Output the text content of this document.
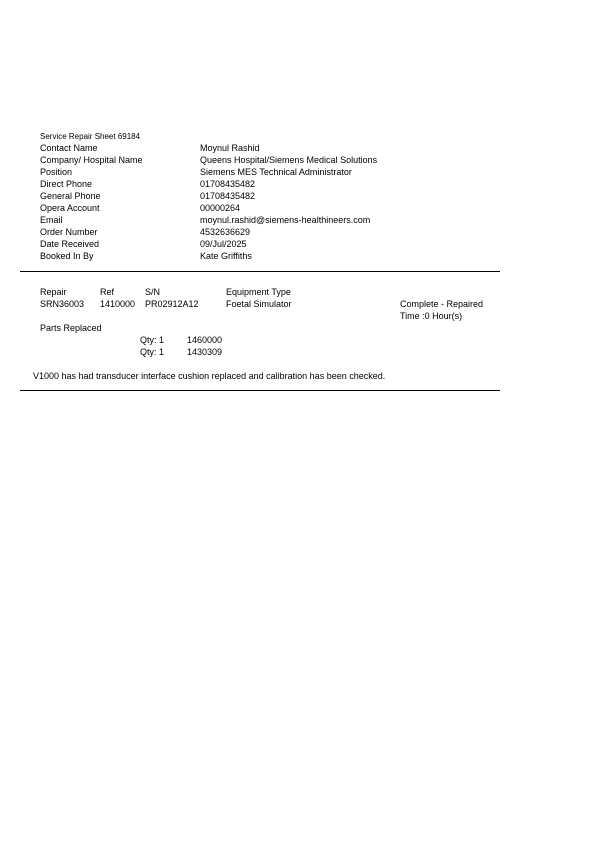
Service Repair Sheet 69184
Contact Name	Moynul Rashid
Company/ Hospital Name	Queens Hospital/Siemens Medical Solutions
Position	Siemens MES Technical Administrator
Direct Phone	01708435482
General Phone	01708435482
Opera Account	00000264
Email	moynul.rashid@siemens-healthineers.com
Order Number	4532636629
Date Received	09/Jul/2025
Booked In By	Kate Griffiths
Repair	Ref	S/N	Equipment Type
SRN36003 1410000 PR02912A12	Foetal Simulator	Complete - Repaired
Time :0 Hour(s)
Parts Replaced
Qty: 1	1460000
Qty: 1	1430309
V1000 has had transducer interface cushion replaced and calibration has been checked.
